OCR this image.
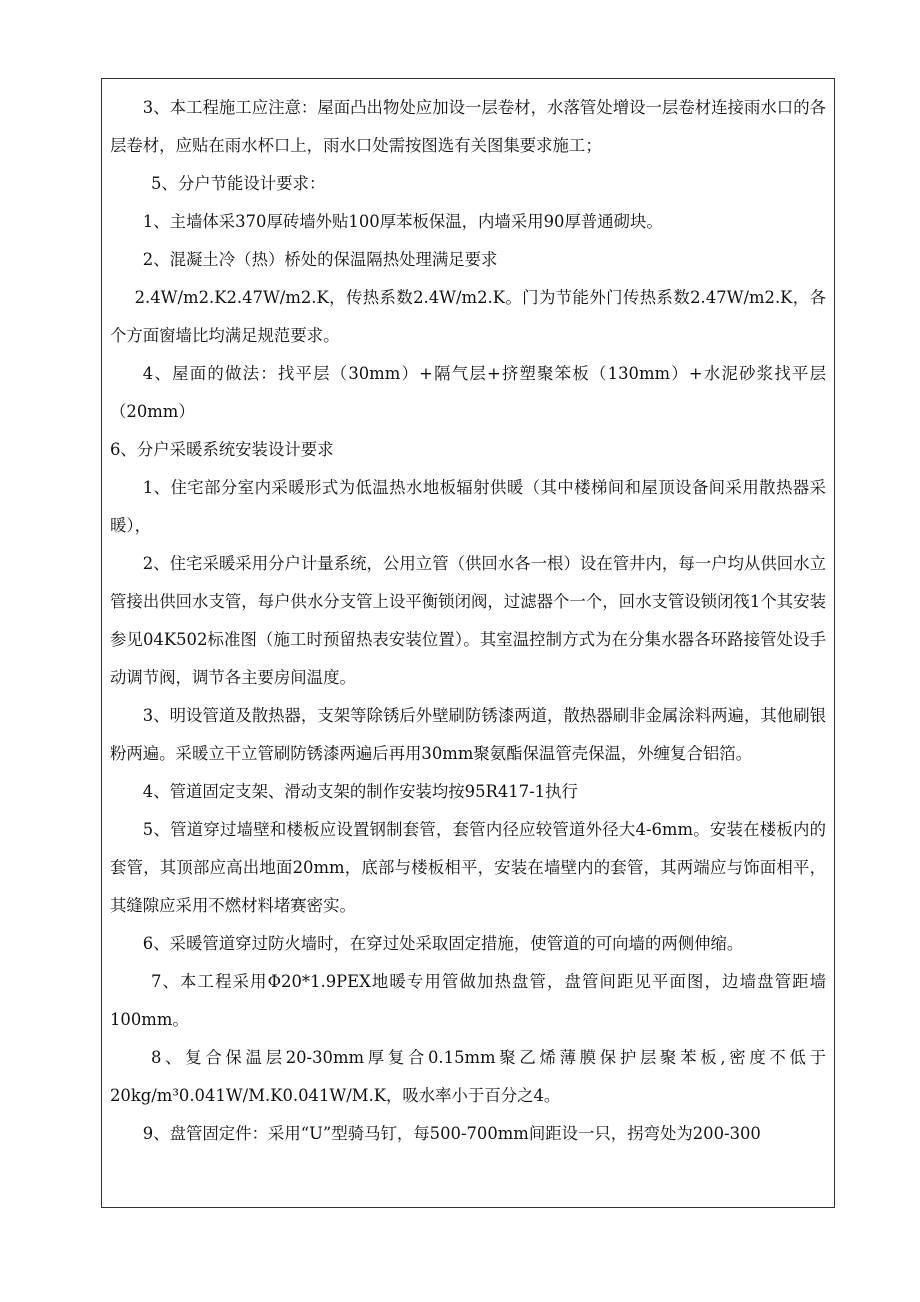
3、本工程施工应注意：屋面凸出物处应加设一层卷材，水落管处增设一层卷材连接雨水口的各层卷材，应贴在雨水杯口上，雨水口处需按图选有关图集要求施工；

5、分户节能设计要求：

1、主墙体采370厚砖墙外贴100厚苯板保温，内墙采用90厚普通砌块。

2、混凝土冷（热）桥处的保温隔热处理满足要求

2.4W/m2.K2.47W/m2.K，传热系数2.4W/m2.K。门为节能外门传热系数2.47W/m2.K，各个方面窗墙比均满足规范要求。

4、屋面的做法：找平层（30mm）+隔气层+挤塑聚笨板（130mm）+水泥砂浆找平层（20mm）

6、分户采暖系统安装设计要求

1、住宅部分室内采暖形式为低温热水地板辐射供暖（其中楼梯间和屋顶设备间采用散热器采暖），

2、住宅采暖采用分户计量系统，公用立管（供回水各一根）设在管井内，每一户均从供回水立管接出供回水支管，每户供水分支管上设平衡锁闭阀，过滤器个一个，回水支管设锁闭筏1个其安装参见04K502标准图（施工时预留热表安装位置）。其室温控制方式为在分集水器各环路接管处设手动调节阀，调节各主要房间温度。

3、明设管道及散热器，支架等除锈后外壁刷防锈漆两道，散热器刷非金属涂料两遍，其他刷银粉两遍。采暖立干立管刷防锈漆两遍后再用30mm聚氨酯保温管壳保温，外缠复合铝箔。

4、管道固定支架、滑动支架的制作安装均按95R417-1执行

5、管道穿过墙壁和楼板应设置钢制套管，套管内径应较管道外径大4-6mm。安装在楼板内的套管，其顶部应高出地面20mm，底部与楼板相平，安装在墙壁内的套管，其两端应与饰面相平，其缝隙应采用不燃材料堵赛密实。

6、采暖管道穿过防火墙时，在穿过处采取固定措施，使管道的可向墙的两侧伸缩。

7、本工程采用Φ20*1.9PEX地暖专用管做加热盘管，盘管间距见平面图，边墙盘管距墙100mm。

8、复合保温层20-30mm厚复合0.15mm聚乙烯薄膜保护层聚苯板,密度不低于20kg/m³0.041W/M.K0.041W/M.K，吸水率小于百分之4。

9、盘管固定件：采用“U”型骑马钉，每500-700mm间距设一只，拐弯处为200-300
